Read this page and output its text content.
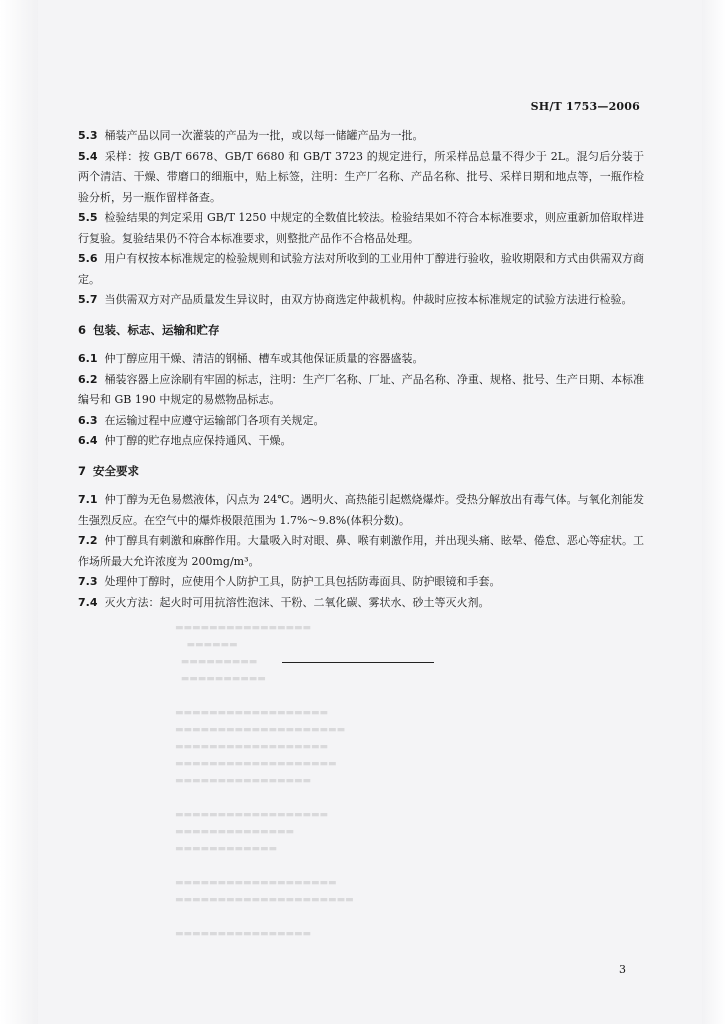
▬▬▬▬▬▬▬▬▬▬▬▬▬▬▬▬
▬▬▬▬▬▬
▬▬▬▬▬▬▬▬▬
▬▬▬▬▬▬▬▬▬▬

▬▬▬▬▬▬▬▬▬▬▬▬▬▬▬▬▬▬
▬▬▬▬▬▬▬▬▬▬▬▬▬▬▬▬▬▬▬▬
▬▬▬▬▬▬▬▬▬▬▬▬▬▬▬▬▬▬
▬▬▬▬▬▬▬▬▬▬▬▬▬▬▬▬▬▬▬
▬▬▬▬▬▬▬▬▬▬▬▬▬▬▬▬

▬▬▬▬▬▬▬▬▬▬▬▬▬▬▬▬▬▬
▬▬▬▬▬▬▬▬▬▬▬▬▬▬
▬▬▬▬▬▬▬▬▬▬▬▬

▬▬▬▬▬▬▬▬▬▬▬▬▬▬▬▬▬▬▬
▬▬▬▬▬▬▬▬▬▬▬▬▬▬▬▬▬▬▬▬▬

▬▬▬▬▬▬▬▬▬▬▬▬▬▬▬▬
SH/T 1753—2006
5.3 桶装产品以同一次灌装的产品为一批，或以每一储罐产品为一批。
5.4 采样：按 GB/T 6678、GB/T 6680 和 GB/T 3723 的规定进行，所采样品总量不得少于 2L。混匀后分装于两个清洁、干燥、带磨口的细瓶中，贴上标签，注明：生产厂名称、产品名称、批号、采样日期和地点等，一瓶作检验分析，另一瓶作留样备查。
5.5 检验结果的判定采用 GB/T 1250 中规定的全数值比较法。检验结果如不符合本标准要求，则应重新加倍取样进行复验。复验结果仍不符合本标准要求，则整批产品作不合格品处理。
5.6 用户有权按本标准规定的检验规则和试验方法对所收到的工业用仲丁醇进行验收，验收期限和方式由供需双方商定。
5.7 当供需双方对产品质量发生异议时，由双方协商选定仲裁机构。仲裁时应按本标准规定的试验方法进行检验。
6 包装、标志、运输和贮存
6.1 仲丁醇应用干燥、清洁的钢桶、槽车或其他保证质量的容器盛装。
6.2 桶装容器上应涂刷有牢固的标志，注明：生产厂名称、厂址、产品名称、净重、规格、批号、生产日期、本标准编号和 GB 190 中规定的易燃物品标志。
6.3 在运输过程中应遵守运输部门各项有关规定。
6.4 仲丁醇的贮存地点应保持通风、干燥。
7 安全要求
7.1 仲丁醇为无色易燃液体，闪点为 24℃。遇明火、高热能引起燃烧爆炸。受热分解放出有毒气体。与氧化剂能发生强烈反应。在空气中的爆炸极限范围为 1.7%～9.8%(体积分数)。
7.2 仲丁醇具有刺激和麻醉作用。大量吸入时对眼、鼻、喉有刺激作用，并出现头痛、眩晕、倦怠、恶心等症状。工作场所最大允许浓度为 200mg/m³。
7.3 处理仲丁醇时，应使用个人防护工具，防护工具包括防毒面具、防护眼镜和手套。
7.4 灭火方法：起火时可用抗溶性泡沫、干粉、二氧化碳、雾状水、砂土等灭火剂。
3
